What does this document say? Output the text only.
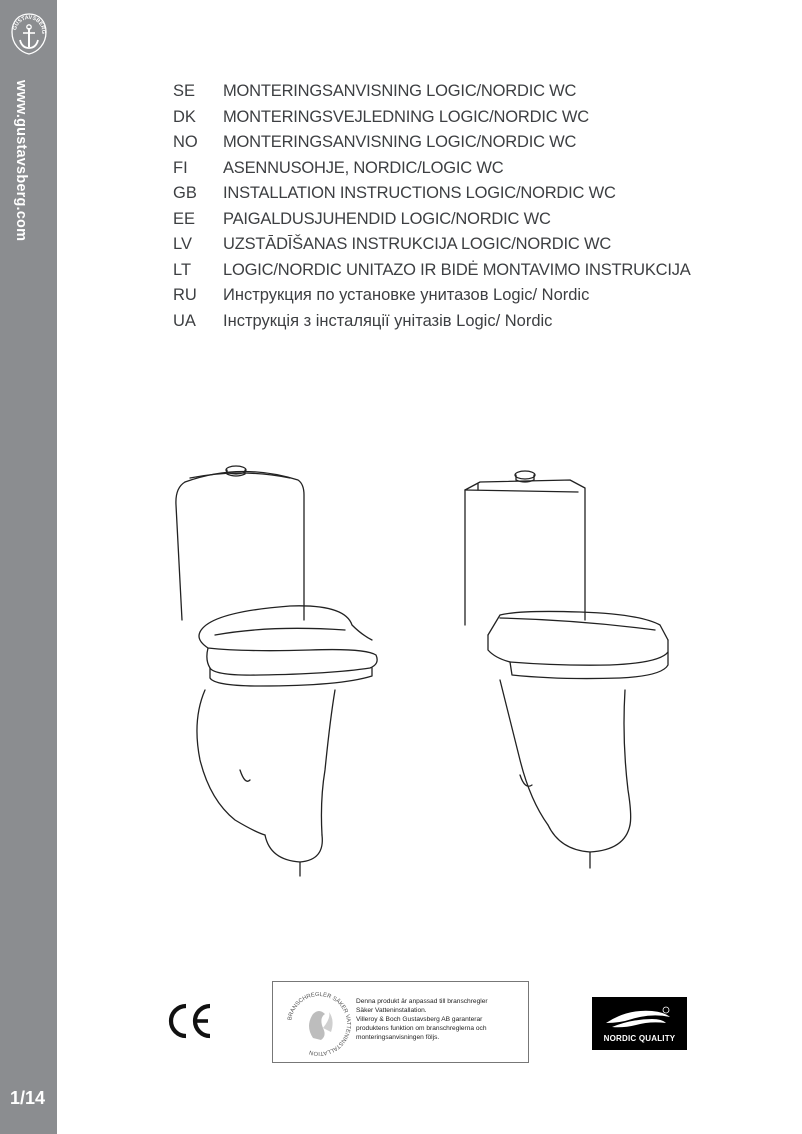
GUSTAVSBERG
www.gustavsberg.com
1/14
SE	MONTERINGSANVISNING LOGIC/NORDIC WC
DK	MONTERINGSVEJLEDNING LOGIC/NORDIC WC
NO	MONTERINGSANVISNING LOGIC/NORDIC WC
FI	ASENNUSOHJE, NORDIC/LOGIC WC
GB	INSTALLATION INSTRUCTIONS LOGIC/NORDIC WC
EE	PAIGALDUSJUHENDID LOGIC/NORDIC WC
LV	UZSTĀDĪŠANAS INSTRUKCIJA LOGIC/NORDIC WC
LT	LOGIC/NORDIC UNITAZO IR BIDĖ MONTAVIMO INSTRUKCIJA
RU	Инструкция по установке унитазов Logic/ Nordic
UA	Інструкція з інсталяції унітазів Logic/ Nordic
CE
BRANSCHREGLER SÄKER VATTENINSTALLATION
Denna produkt är anpassad till branschregler
Säker Vatteninstallation.
Villeroy & Boch Gustavsberg AB garanterar
produktens funktion om branschreglerna och
monteringsanvisningen följs.	NORDIC QUALITY
